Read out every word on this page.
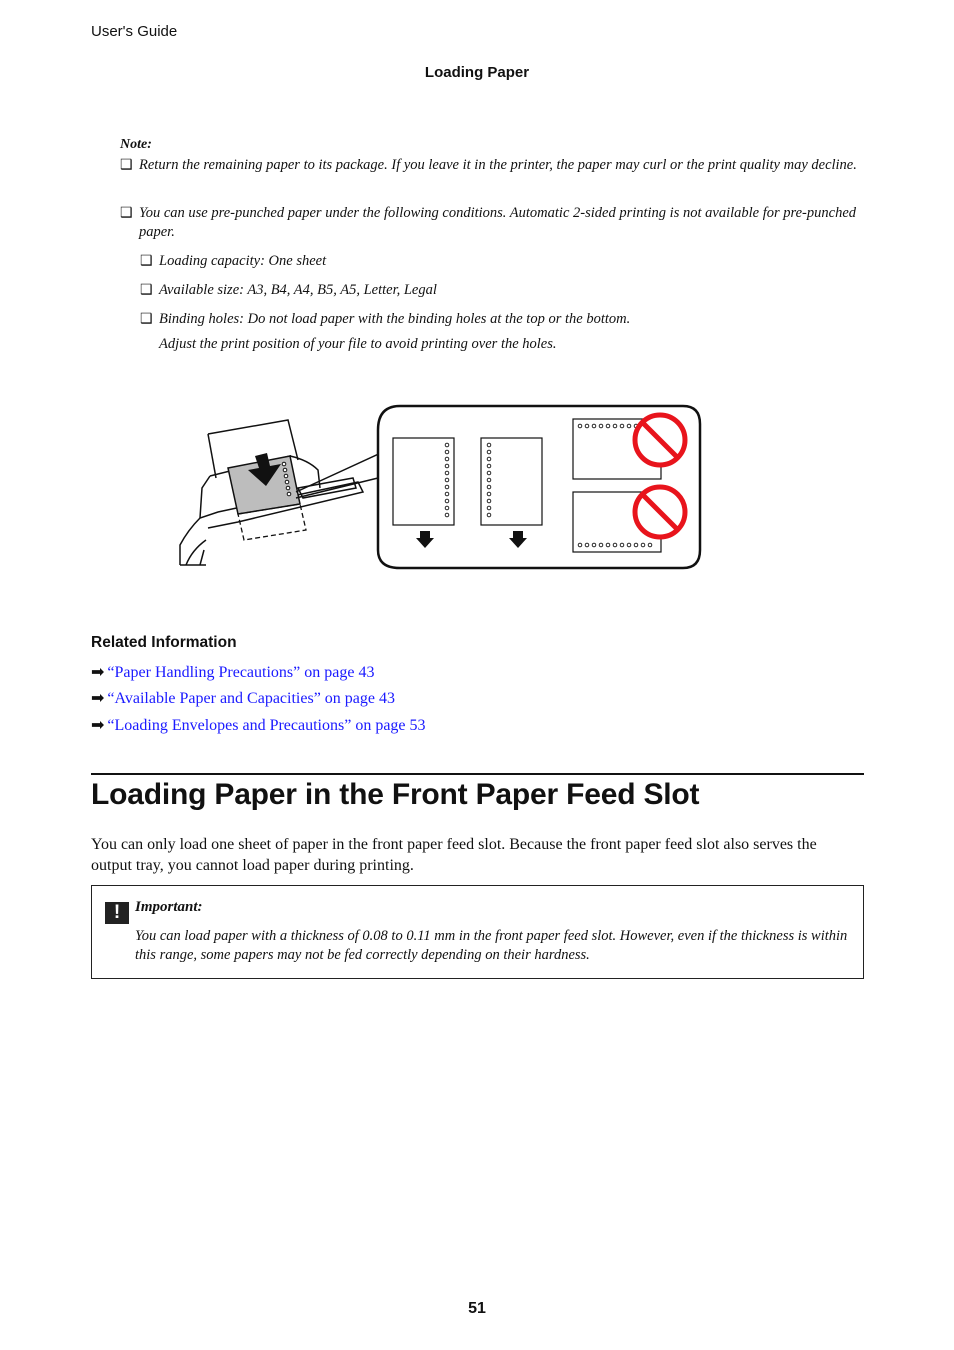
User's Guide
Loading Paper
Note:
❑ Return the remaining paper to its package. If you leave it in the printer, the paper may curl or the print quality may decline.
❑ You can use pre-punched paper under the following conditions. Automatic 2-sided printing is not available for pre-punched paper.
❑ Loading capacity: One sheet
❑ Available size: A3, B4, A4, B5, A5, Letter, Legal
❑ Binding holes: Do not load paper with the binding holes at the top or the bottom.
Adjust the print position of your file to avoid printing over the holes.
Related Information
➡ “Paper Handling Precautions” on page 43
➡ “Available Paper and Capacities” on page 43
➡ “Loading Envelopes and Precautions” on page 53
Loading Paper in the Front Paper Feed Slot
You can only load one sheet of paper in the front paper feed slot. Because the front paper feed slot also serves the output tray, you cannot load paper during printing.
! Important:
You can load paper with a thickness of 0.08 to 0.11 mm in the front paper feed slot. However, even if the thickness is within this range, some papers may not be fed correctly depending on their hardness.
51
